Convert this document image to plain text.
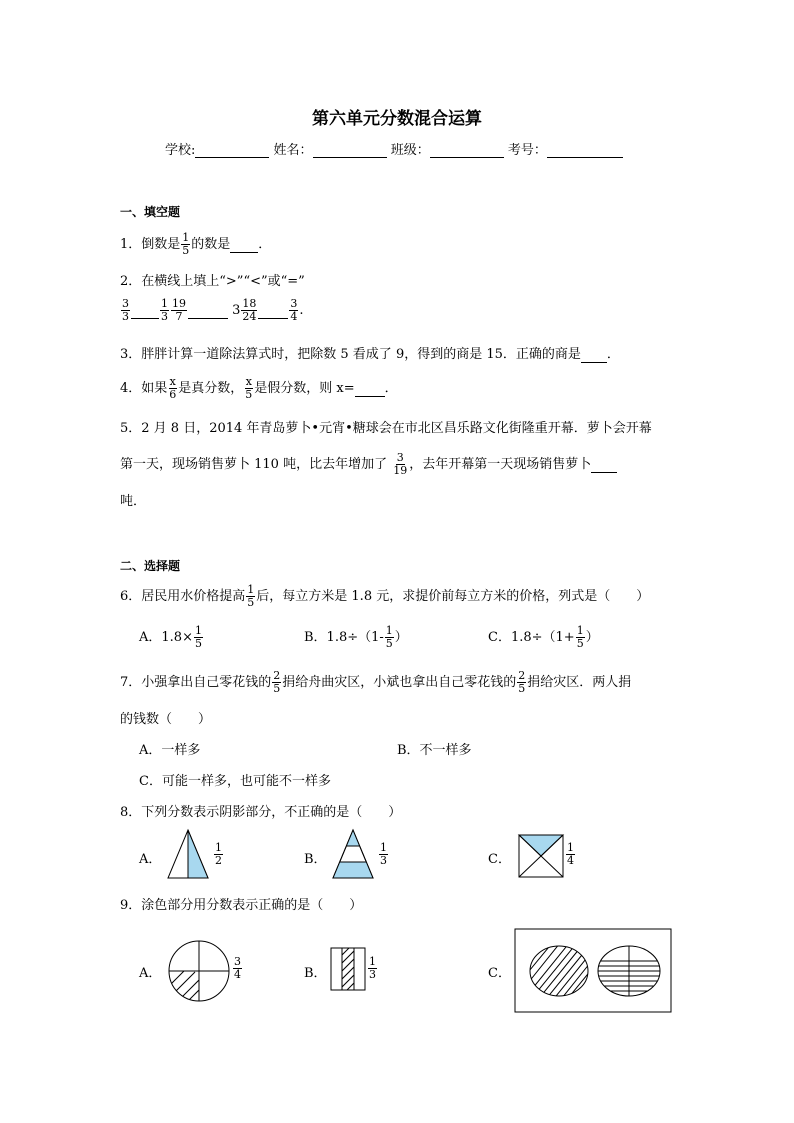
第六单元分数混合运算
学校:	姓名：	班级：	考号：
一、填空题
1．倒数是 $\frac{1}{5}$ 的数是 ．
2．在横线上填上“>”“<”或“=”
$\frac{3}{3}$
	$\frac{1}{3} \frac{19}{7}$	$3 \frac{18}{24}$
	$\frac{3}{4}$ .
3．胖胖计算一道除法算式时，把除数 5 看成了 9，得到的商是 15．正确的商是 ．
4．如果 $\frac{x}{6}$ 是真分数， $\frac{x}{5}$ 是假分数，则 x= ．
5．2 月 8 日，2014 年青岛萝卜•元宵•糖球会在市北区昌乐路文化街隆重开幕．萝卜会开幕
第一天，现场销售萝卜 110 吨，比去年增加了 $\frac{3}{19}$ ，去年开幕第一天现场销售萝卜
吨．
二、选择题
6．居民用水价格提高 $\frac{1}{5}$ 后，每立方米是 1.8 元，求提价前每立方米的价格，列式是（　　）
A．$1.8\times \frac{1}{5}$	B．$1.8\div(1- \frac{1}{5}$ ）	C．$1.8\div(1+ \frac{1}{5}$ ）
7．小强拿出自己零花钱的 $\frac{2}{5}$ 捐给舟曲灾区，小斌也拿出自己零花钱的 $\frac{2}{5}$ 捐给灾区．两人捐
的钱数（　　）
A．一样多	B．不一样多
C．可能一样多，也可能不一样多
8．下列分数表示阴影部分，不正确的是（　　）
A．	$\frac{1}{2}$	B．	$\frac{1}{3}$	C．	$\frac{1}{4}$
9．涂色部分用分数表示正确的是（　　）
A．	$\frac{3}{4}$	B．	$\frac{1}{3}$	C．
